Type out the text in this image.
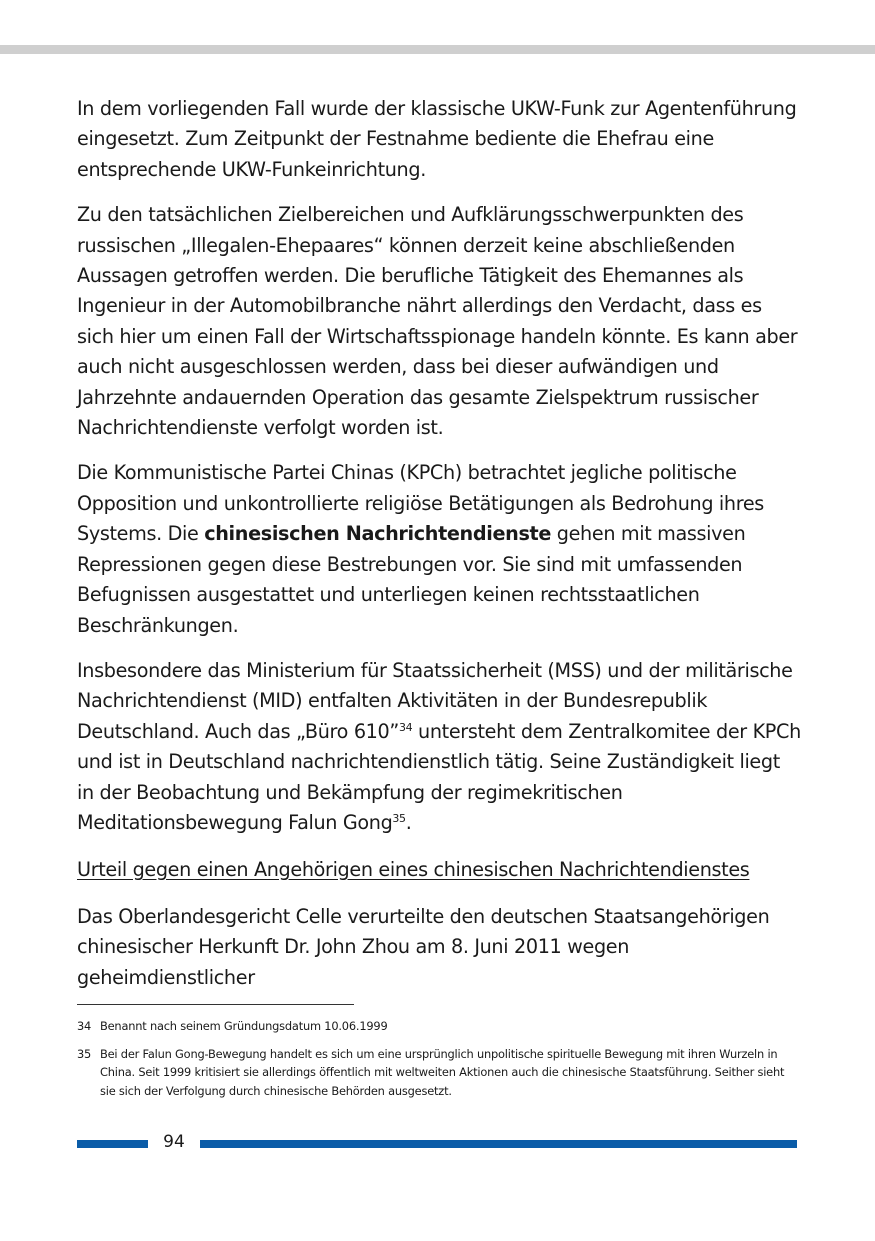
In dem vorliegenden Fall wurde der klassische UKW-Funk zur Agentenführung eingesetzt. Zum Zeitpunkt der Festnahme bediente die Ehefrau eine entsprechende UKW-Funkeinrichtung.

Zu den tatsächlichen Zielbereichen und Aufklärungsschwerpunkten des russischen „Illegalen-Ehepaares“ können derzeit keine abschließenden Aussagen getroffen werden. Die berufliche Tätigkeit des Ehemannes als Ingenieur in der Automobilbranche nährt allerdings den Verdacht, dass es sich hier um einen Fall der Wirtschaftsspionage handeln könnte. Es kann aber auch nicht ausgeschlossen werden, dass bei dieser aufwändigen und Jahrzehnte andauernden Operation das gesamte Zielspektrum russischer Nachrichtendienste verfolgt worden ist.

Die Kommunistische Partei Chinas (KPCh) betrachtet jegliche politische Opposition und unkontrollierte religiöse Betätigungen als Bedrohung ihres Systems. Die chinesischen Nachrichtendienste gehen mit massiven Repressionen gegen diese Bestrebungen vor. Sie sind mit umfassenden Befugnissen ausgestattet und unterliegen keinen rechtsstaatlichen Beschränkungen.

Insbesondere das Ministerium für Staatssicherheit (MSS) und der militärische Nachrichtendienst (MID) entfalten Aktivitäten in der Bundesrepublik Deutschland. Auch das „Büro 610”$^{34}$ untersteht dem Zentralkomitee der KPCh und ist in Deutschland nachrichtendienstlich tätig. Seine Zuständigkeit liegt in der Beobachtung und Bekämpfung der regimekritischen Meditationsbewegung Falun Gong$^{35}$.

Urteil gegen einen Angehörigen eines chinesischen Nachrichtendienstes

Das Oberlandesgericht Celle verurteilte den deutschen Staatsangehörigen chinesischer Herkunft Dr. John Zhou am 8. Juni 2011 wegen geheimdienstlicher

34 Benannt nach seinem Gründungsdatum 10.06.1999
35 Bei der Falun Gong-Bewegung handelt es sich um eine ursprünglich unpolitische spirituelle Bewegung mit ihren Wurzeln in China. Seit 1999 kritisiert sie allerdings öffentlich mit weltweiten Aktionen auch die chinesische Staatsführung. Seither sieht sie sich der Verfolgung durch chinesische Behörden ausgesetzt.
94
